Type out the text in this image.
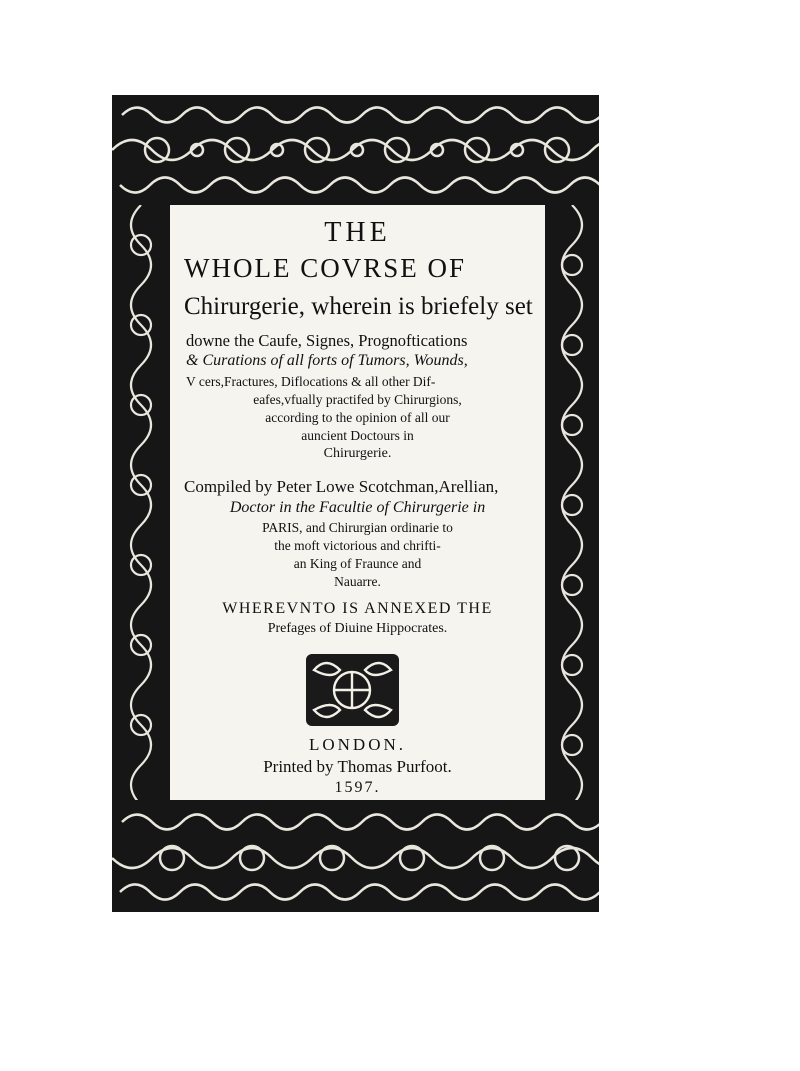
THE
WHOLE COVRSE OF
Chirurgerie, wherein is briefely set
downe the Caufe, Signes, Prognoftications
& Curations of all forts of Tumors, Wounds,
V cers,Fractures, Diflocations & all other Dif-
eafes,vfually practifed by Chirurgions,
according to the opinion of all our
auncient Doctours in
Chirurgerie.
Compiled by Peter Lowe Scotchman,Arellian,
Doctor in the Facultie of Chirurgerie in
PARIS, and Chirurgian ordinarie to
the moft victorious and chrifti-
an King of Fraunce and
Nauarre.
WHEREVNTO IS ANNEXED THE
Prefages of Diuine Hippocrates.
LONDON.
Printed by Thomas Purfoot.
1597.
